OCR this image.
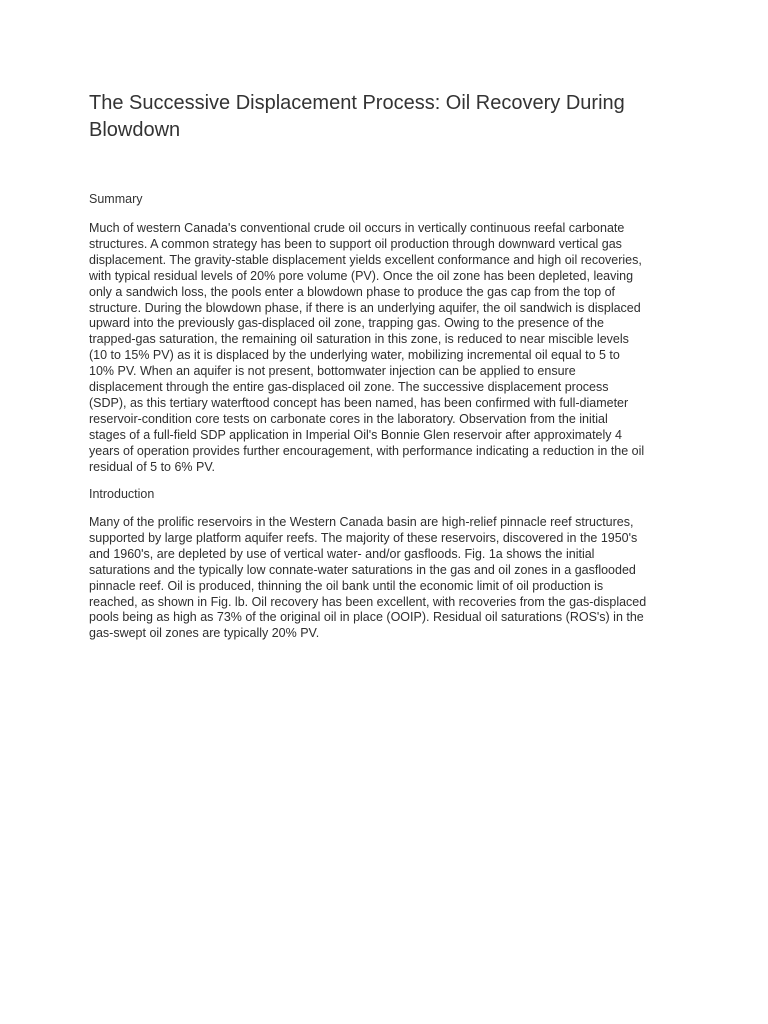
The Successive Displacement Process: Oil Recovery During
Blowdown
Summary

Much of western Canada's conventional crude oil occurs in vertically continuous reefal carbonate
structures. A common strategy has been to support oil production through downward vertical gas
displacement. The gravity-stable displacement yields excellent conformance and high oil recoveries,
with typical residual levels of 20% pore volume (PV). Once the oil zone has been depleted, leaving
only a sandwich loss, the pools enter a blowdown phase to produce the gas cap from the top of
structure. During the blowdown phase, if there is an underlying aquifer, the oil sandwich is displaced
upward into the previously gas-displaced oil zone, trapping gas. Owing to the presence of the
trapped-gas saturation, the remaining oil saturation in this zone, is reduced to near miscible levels
(10 to 15% PV) as it is displaced by the underlying water, mobilizing incremental oil equal to 5 to
10% PV. When an aquifer is not present, bottomwater injection can be applied to ensure
displacement through the entire gas-displaced oil zone. The successive displacement process
(SDP), as this tertiary waterftood concept has been named, has been confirmed with full-diameter
reservoir-condition core tests on carbonate cores in the laboratory. Observation from the initial
stages of a full-field SDP application in Imperial Oil's Bonnie Glen reservoir after approximately 4
years of operation provides further encouragement, with performance indicating a reduction in the oil
residual of 5 to 6% PV.

Introduction

Many of the prolific reservoirs in the Western Canada basin are high-relief pinnacle reef structures,
supported by large platform aquifer reefs. The majority of these reservoirs, discovered in the 1950's
and 1960's, are depleted by use of vertical water- and/or gasfloods. Fig. 1a shows the initial
saturations and the typically low connate-water saturations in the gas and oil zones in a gasflooded
pinnacle reef. Oil is produced, thinning the oil bank until the economic limit of oil production is
reached, as shown in Fig. lb. Oil recovery has been excellent, with recoveries from the gas-displaced
pools being as high as 73% of the original oil in place (OOIP). Residual oil saturations (ROS's) in the
gas-swept oil zones are typically 20% PV.
